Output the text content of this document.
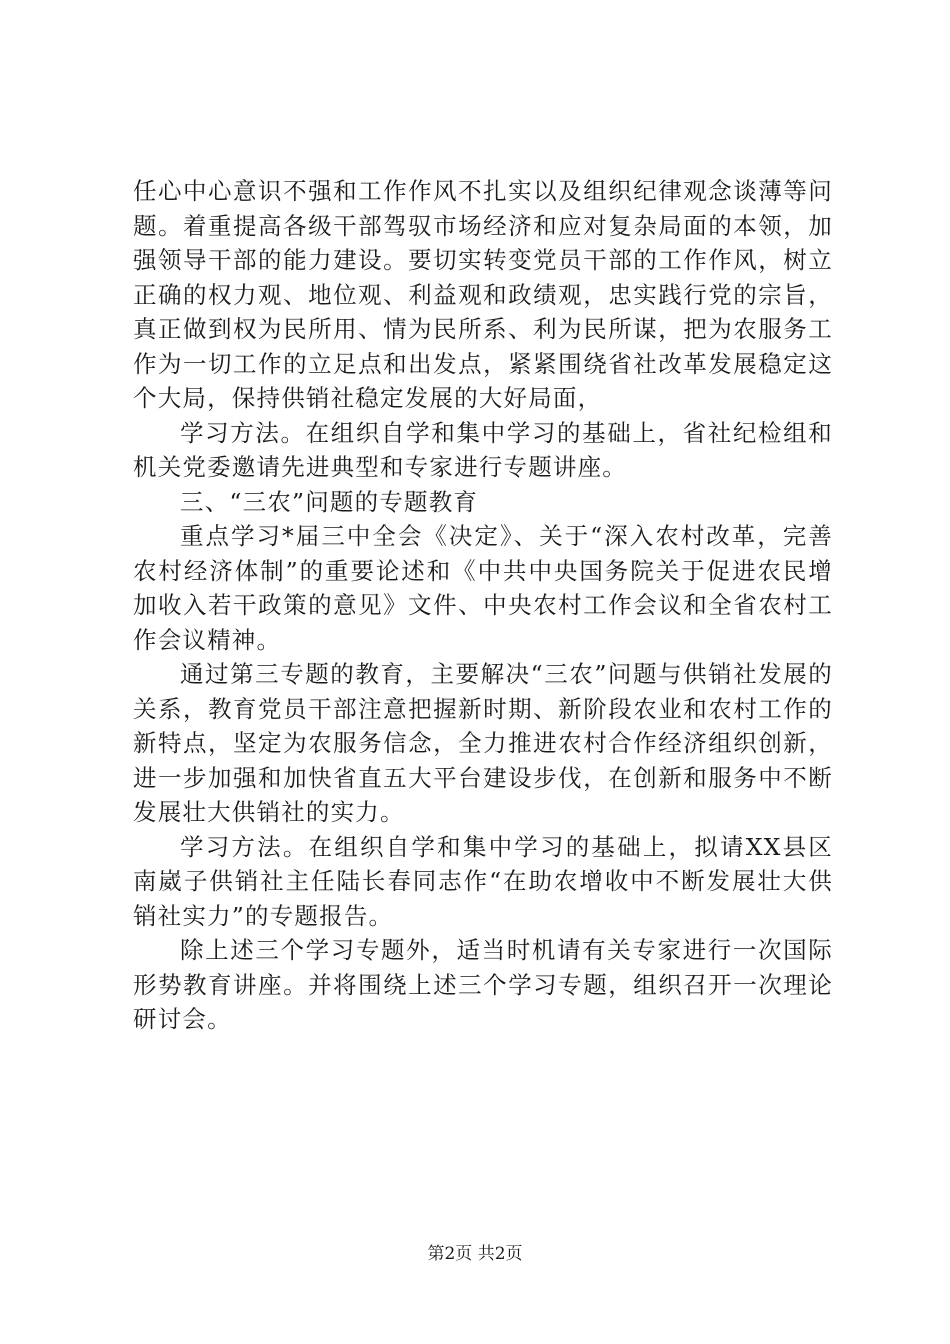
任心中心意识不强和工作作风不扎实以及组织纪律观念谈薄等问题。着重提高各级干部驾驭市场经济和应对复杂局面的本领，加强领导干部的能力建设。要切实转变党员干部的工作作风，树立正确的权力观、地位观、利益观和政绩观，忠实践行党的宗旨，真正做到权为民所用、情为民所系、利为民所谋，把为农服务工作为一切工作的立足点和出发点，紧紧围绕省社改革发展稳定这个大局，保持供销社稳定发展的大好局面，

学习方法。在组织自学和集中学习的基础上，省社纪检组和机关党委邀请先进典型和专家进行专题讲座。

三、“三农”问题的专题教育

重点学习*届三中全会《决定》、关于“深入农村改革，完善农村经济体制”的重要论述和《中共中央国务院关于促进农民增加收入若干政策的意见》文件、中央农村工作会议和全省农村工作会议精神。

通过第三专题的教育，主要解决“三农”问题与供销社发展的关系，教育党员干部注意把握新时期、新阶段农业和农村工作的新特点，坚定为农服务信念，全力推进农村合作经济组织创新，进一步加强和加快省直五大平台建设步伐，在创新和服务中不断发展壮大供销社的实力。

学习方法。在组织自学和集中学习的基础上，拟请XX县区南崴子供销社主任陆长春同志作“在助农增收中不断发展壮大供销社实力”的专题报告。

除上述三个学习专题外，适当时机请有关专家进行一次国际形势教育讲座。并将围绕上述三个学习专题，组织召开一次理论研讨会。

第2页 共2页
